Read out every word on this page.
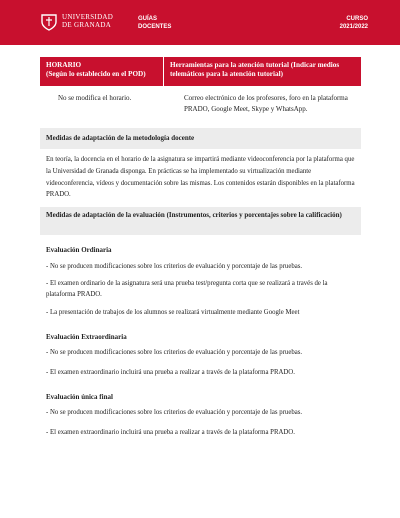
UNIVERSIDAD
DE GRANADA
GUÍAS
DOCENTES
CURSO
2021/2022
HORARIO
(Según lo establecido en el POD)
Herramientas para la atención tutorial (Indicar medios telemáticos para la atención tutorial)
No se modifica el horario.	Correo electrónico de los profesores, foro en la plataforma PRADO, Google Meet, Skype y WhatsApp.
Medidas de adaptación de la metodología docente
En teoría, la docencia en el horario de la asignatura se impartirá mediante videoconferencia por la plataforma que la Universidad de Granada disponga. En prácticas se ha implementado su virtualización mediante videoconferencia, vídeos y documentación sobre las mismas. Los contenidos estarán disponibles en la plataforma PRADO.
Medidas de adaptación de la evaluación (Instrumentos, criterios y porcentajes sobre la calificación)
Evaluación Ordinaria
- No se producen modificaciones sobre los criterios de evaluación y porcentaje de las pruebas.
- El examen ordinario de la asignatura será una prueba test/pregunta corta que se realizará a través de la plataforma PRADO.
- La presentación de trabajos de los alumnos se realizará virtualmente mediante Google Meet
Evaluación Extraordinaria
- No se producen modificaciones sobre los criterios de evaluación y porcentaje de las pruebas.
- El examen extraordinario incluirá una prueba a realizar a través de la plataforma PRADO.
Evaluación única final
- No se producen modificaciones sobre los criterios de evaluación y porcentaje de las pruebas.
- El examen extraordinario incluirá una prueba a realizar a través de la plataforma PRADO.
